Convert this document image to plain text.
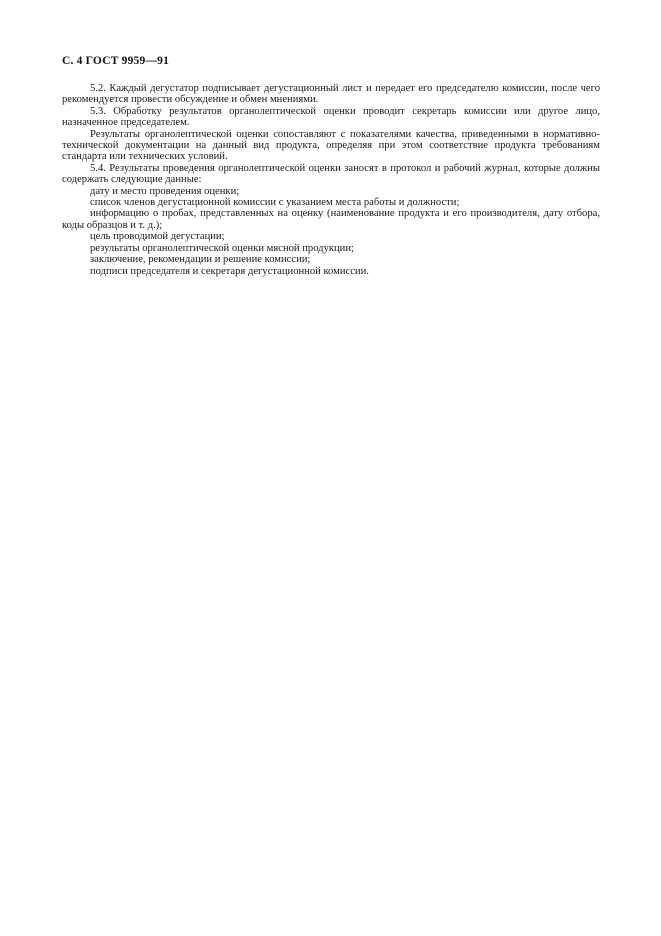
С. 4 ГОСТ 9959—91

5.2. Каждый дегустатор подписывает дегустационный лист и передает его председателю комиссии, после чего рекомендуется провести обсуждение и обмен мнениями.

5.3. Обработку результатов органолептической оценки проводит секретарь комиссии или другое лицо, назначенное председателем.

Результаты органолептической оценки сопоставляют с показателями качества, приведенными в нормативно-технической документации на данный вид продукта, определяя при этом соответствие продукта требованиям стандарта или технических условий.

5.4. Результаты проведения органолептической оценки заносят в протокол и рабочий журнал, которые должны содержать следующие данные:

дату и место проведения оценки;

список членов дегустационной комиссии с указанием места работы и должности;

информацию о пробах, представленных на оценку (наименование продукта и его производителя, дату отбора, коды образцов и т. д.);

цель проводимой дегустации;

результаты органолептической оценки мясной продукции;

заключение, рекомендации и решение комиссии;

подписи председателя и секретаря дегустационной комиссии.
